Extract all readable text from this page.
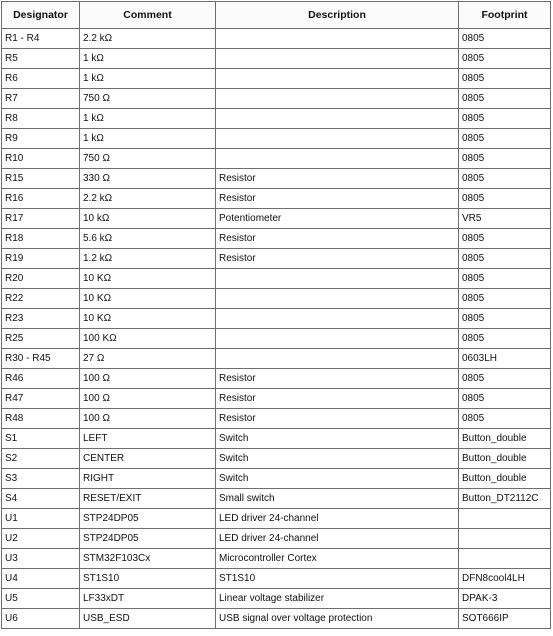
Designator	Comment	Description	Footprint
R1 - R4	2.2 kΩ		0805
R5	1 kΩ		0805
R6	1 kΩ		0805
R7	750 Ω		0805
R8	1 kΩ		0805
R9	1 kΩ		0805
R10	750 Ω		0805
R15	330 Ω	Resistor	0805
R16	2.2 kΩ	Resistor	0805
R17	10 kΩ	Potentiometer	VR5
R18	5.6 kΩ	Resistor	0805
R19	1.2 kΩ	Resistor	0805
R20	10 KΩ		0805
R22	10 KΩ		0805
R23	10 KΩ		0805
R25	100 KΩ		0805
R30 - R45	27 Ω		0603LH
R46	100 Ω	Resistor	0805
R47	100 Ω	Resistor	0805
R48	100 Ω	Resistor	0805
S1	LEFT	Switch	Button_double
S2	CENTER	Switch	Button_double
S3	RIGHT	Switch	Button_double
S4	RESET/EXIT	Small switch	Button_DT2112C
U1	STP24DP05	LED driver 24-channel	
U2	STP24DP05	LED driver 24-channel	
U3	STM32F103Cx	Microcontroller Cortex	
U4	ST1S10	ST1S10	DFN8cool4LH
U5	LF33xDT	Linear voltage stabilizer	DPAK-3
U6	USB_ESD	USB signal over voltage protection	SOT666IP
